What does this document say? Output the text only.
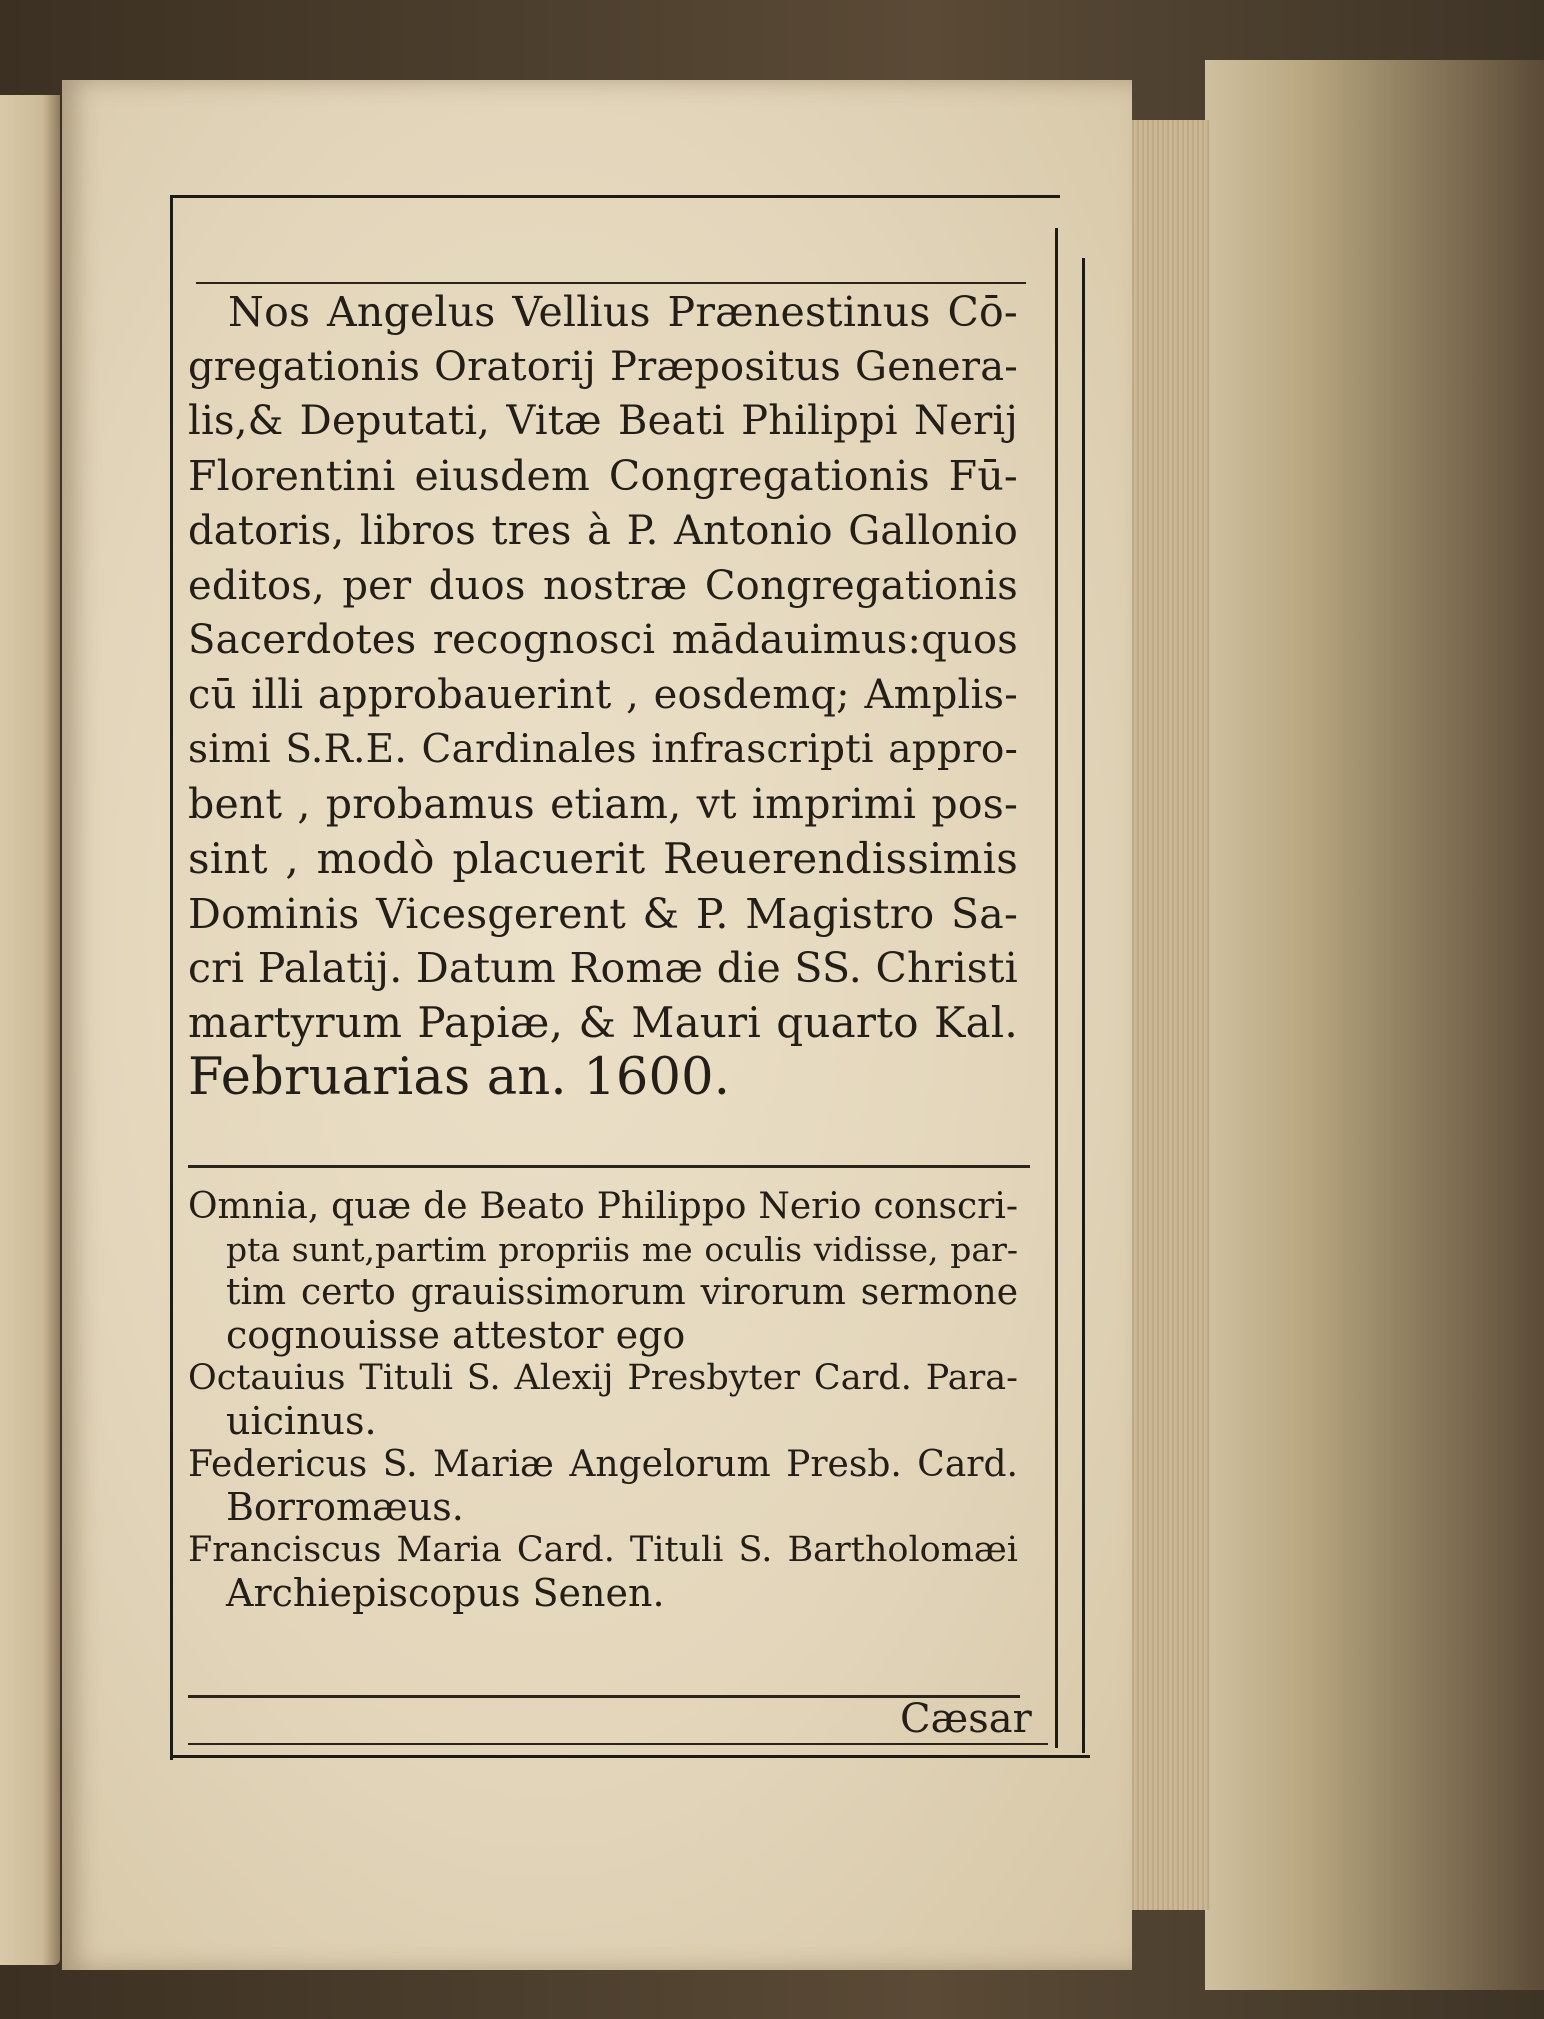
Nos Angelus Vellius Prænestinus Cō-
gregationis Oratorij Præpositus Genera-
lis,& Deputati, Vitæ Beati Philippi Nerij
Florentini eiusdem Congregationis Fū-
datoris, libros tres à P. Antonio Gallonio
editos, per duos nostræ Congregationis
Sacerdotes recognosci mādauimus:quos
cū illi approbauerint , eosdemq; Amplis-
simi S.R.E. Cardinales infrascripti appro-
bent , probamus etiam, vt imprimi pos-
sint , modò placuerit Reuerendissimis
Dominis Vicesgerent & P. Magistro Sa-
cri Palatij. Datum Romæ die SS. Christi
martyrum Papiæ, & Mauri quarto Kal.
Februarias an. 1600.
Omnia, quæ de Beato Philippo Nerio conscri-
pta sunt,partim propriis me oculis vidisse, par-
tim certo grauissimorum virorum sermone
cognouisse attestor ego
Octauius Tituli S. Alexij Presbyter Card. Para-
uicinus.
Federicus S. Mariæ Angelorum Presb. Card.
Borromæus.
Franciscus Maria Card. Tituli S. Bartholomæi
Archiepiscopus Senen.
Cæsar
